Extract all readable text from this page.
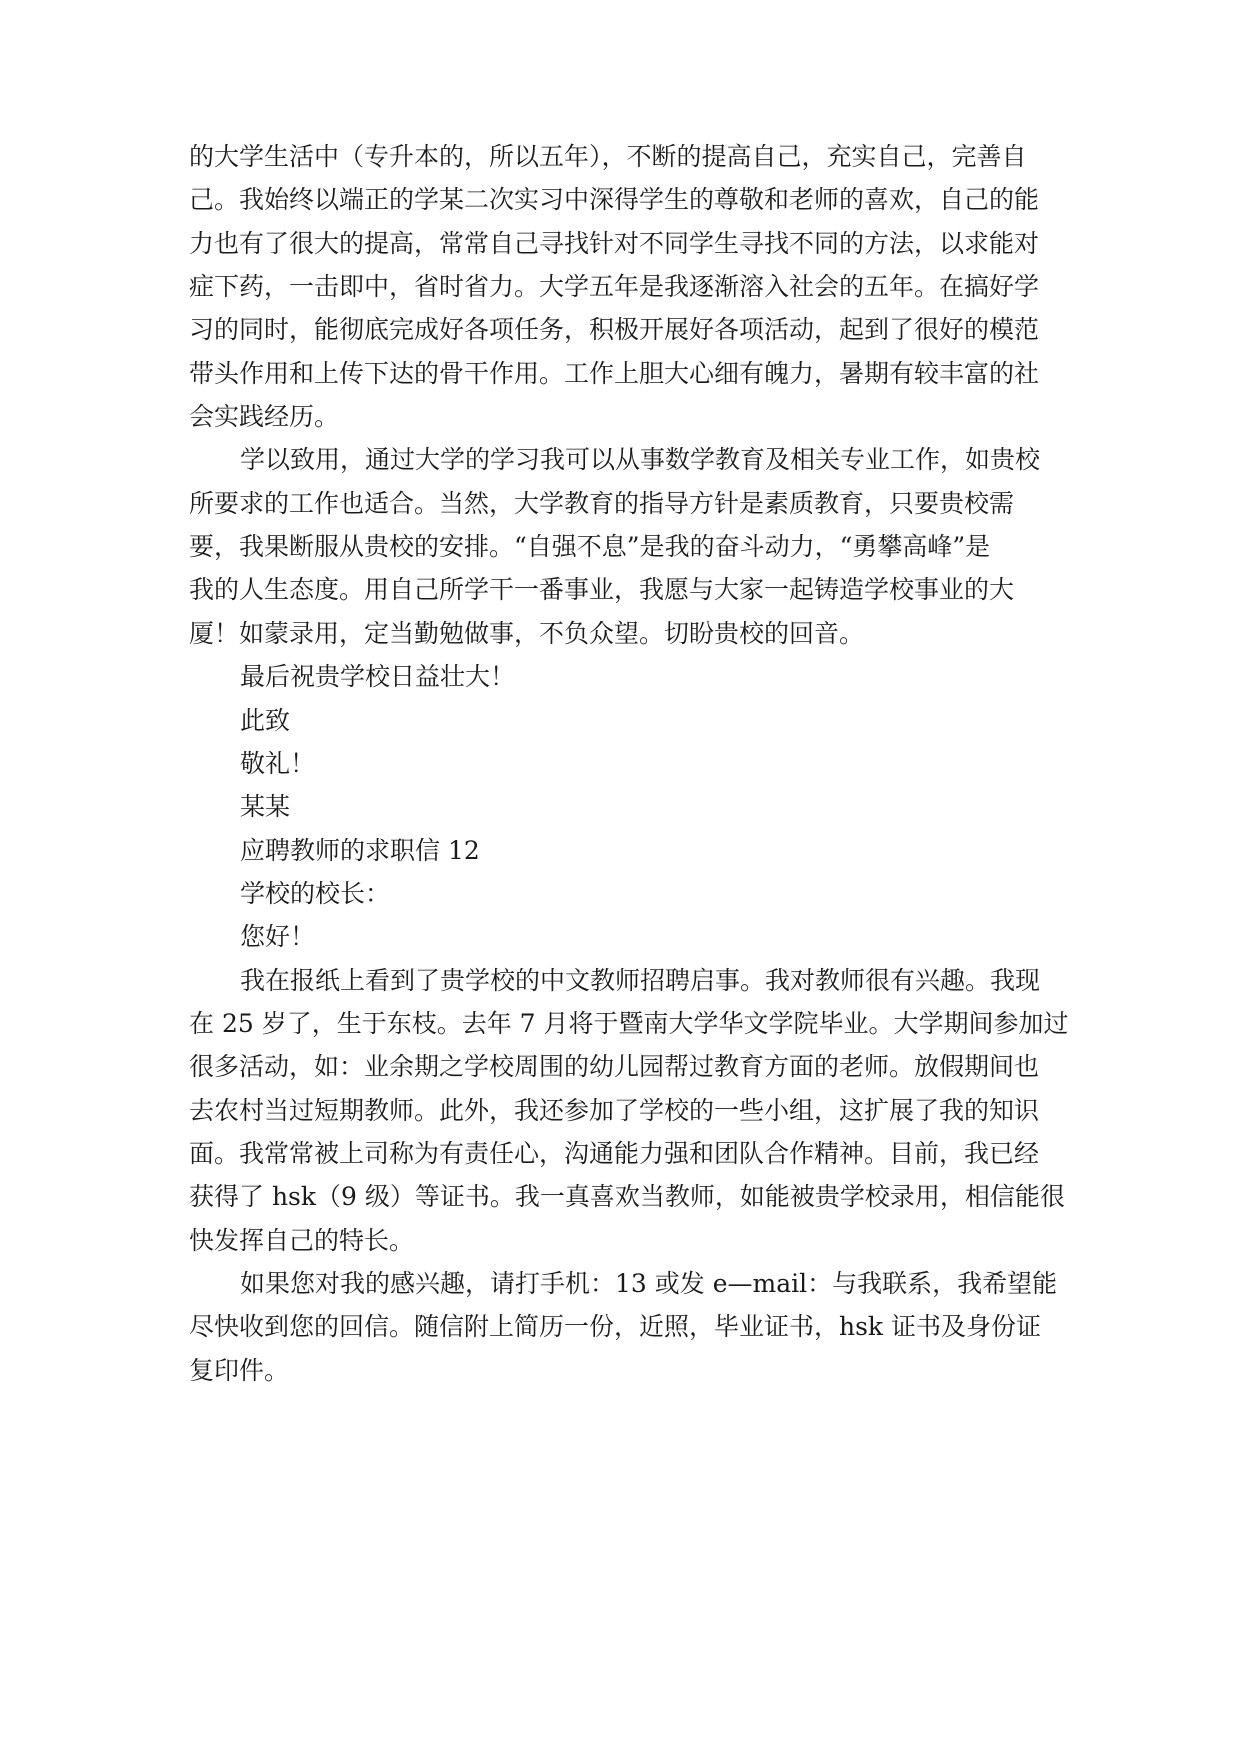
的大学生活中（专升本的，所以五年），不断的提高自己，充实自己，完善自
己。我始终以端正的学某二次实习中深得学生的尊敬和老师的喜欢，自己的能
力也有了很大的提高，常常自己寻找针对不同学生寻找不同的方法，以求能对
症下药，一击即中，省时省力。大学五年是我逐渐溶入社会的五年。在搞好学
习的同时，能彻底完成好各项任务，积极开展好各项活动，起到了很好的模范
带头作用和上传下达的骨干作用。工作上胆大心细有魄力，暑期有较丰富的社
会实践经历。
学以致用，通过大学的学习我可以从事数学教育及相关专业工作，如贵校
所要求的工作也适合。当然，大学教育的指导方针是素质教育，只要贵校需
要，我果断服从贵校的安排。“自强不息”是我的奋斗动力，“勇攀高峰”是
我的人生态度。用自己所学干一番事业，我愿与大家一起铸造学校事业的大
厦！如蒙录用，定当勤勉做事，不负众望。切盼贵校的回音。
最后祝贵学校日益壮大！
此致
敬礼！
某某
应聘教师的求职信 12
学校的校长：
您好！
我在报纸上看到了贵学校的中文教师招聘启事。我对教师很有兴趣。我现
在 25 岁了，生于东枝。去年 7 月将于暨南大学华文学院毕业。大学期间参加过
很多活动，如：业余期之学校周围的幼儿园帮过教育方面的老师。放假期间也
去农村当过短期教师。此外，我还参加了学校的一些小组，这扩展了我的知识
面。我常常被上司称为有责任心，沟通能力强和团队合作精神。目前，我已经
获得了 hsk（9 级）等证书。我一真喜欢当教师，如能被贵学校录用，相信能很
快发挥自己的特长。
如果您对我的感兴趣，请打手机：13 或发 e—mail：与我联系，我希望能
尽快收到您的回信。随信附上简历一份，近照，毕业证书，hsk 证书及身份证
复印件。
